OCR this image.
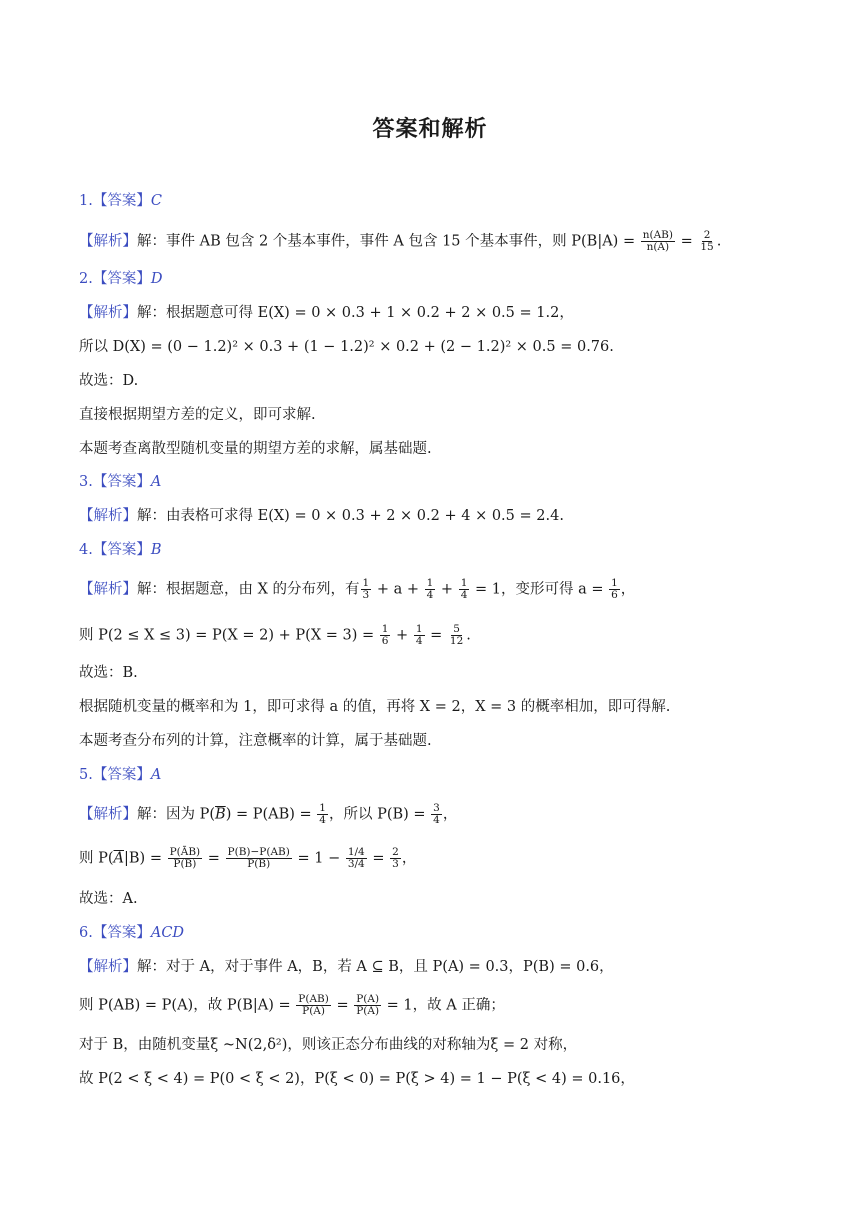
答案和解析
1.【答案】C
【解析】解：事件 AB 包含 2 个基本事件，事件 A 包含 15 个基本事件，则 $P(B|A) = \frac{n(AB)}{n(A)} = \frac{2}{15}$ .
2.【答案】D
【解析】解：根据题意可得 E(X) = 0 × 0.3 + 1 × 0.2 + 2 × 0.5 = 1.2，
所以 D(X) = (0 − 1.2)² × 0.3 + (1 − 1.2)² × 0.2 + (2 − 1.2)² × 0.5 = 0.76.
故选：D.
直接根据期望方差的定义，即可求解.
本题考查离散型随机变量的期望方差的求解，属基础题.
3.【答案】A
【解析】解：由表格可求得 E(X) = 0 × 0.3 + 2 × 0.2 + 4 × 0.5 = 2.4.
4.【答案】B
【解析】解：根据题意，由 X 的分布列，有 $\frac{1}{3} + a + \frac{1}{4} + \frac{1}{4} = 1$，变形可得 $a = \frac{1}{6}$ ，
则 $P(2 \le X \le 3) = P(X = 2) + P(X = 3) = \frac{1}{6} + \frac{1}{4} = \frac{5}{12}$ .
故选：B.
根据随机变量的概率和为 1，即可求得 a 的值，再将 X = 2，X = 3 的概率相加，即可得解.
本题考查分布列的计算，注意概率的计算，属于基础题.
5.【答案】A
【解析】解：因为 $P(\overline{B}) = P(AB) = \frac{1}{4}$ ，所以 $P(B) = \frac{3}{4}$ ，
则 $P(\overline{A}|B) = \frac{P(ĀB)}{P(B)} = \frac{P(B)-P(AB)}{P(B)} = 1 - \frac{1/4}{3/4} = \frac{2}{3}$ ，
故选：A.
6.【答案】ACD
【解析】解：对于 A，对于事件 A，B，若 A ⊆ B，且 P(A) = 0.3，P(B) = 0.6，
则 P(AB) = P(A)，故 $P(B|A) = \frac{P(AB)}{P(A)} = \frac{P(A)}{P(A)} = 1$，故 A 正确；
对于 B，由随机变量ξ ~N(2,δ²)，则该正态分布曲线的对称轴为ξ = 2 对称，
故 P(2 < ξ < 4) = P(0 < ξ < 2)，P(ξ < 0) = P(ξ > 4) = 1 − P(ξ < 4) = 0.16，
